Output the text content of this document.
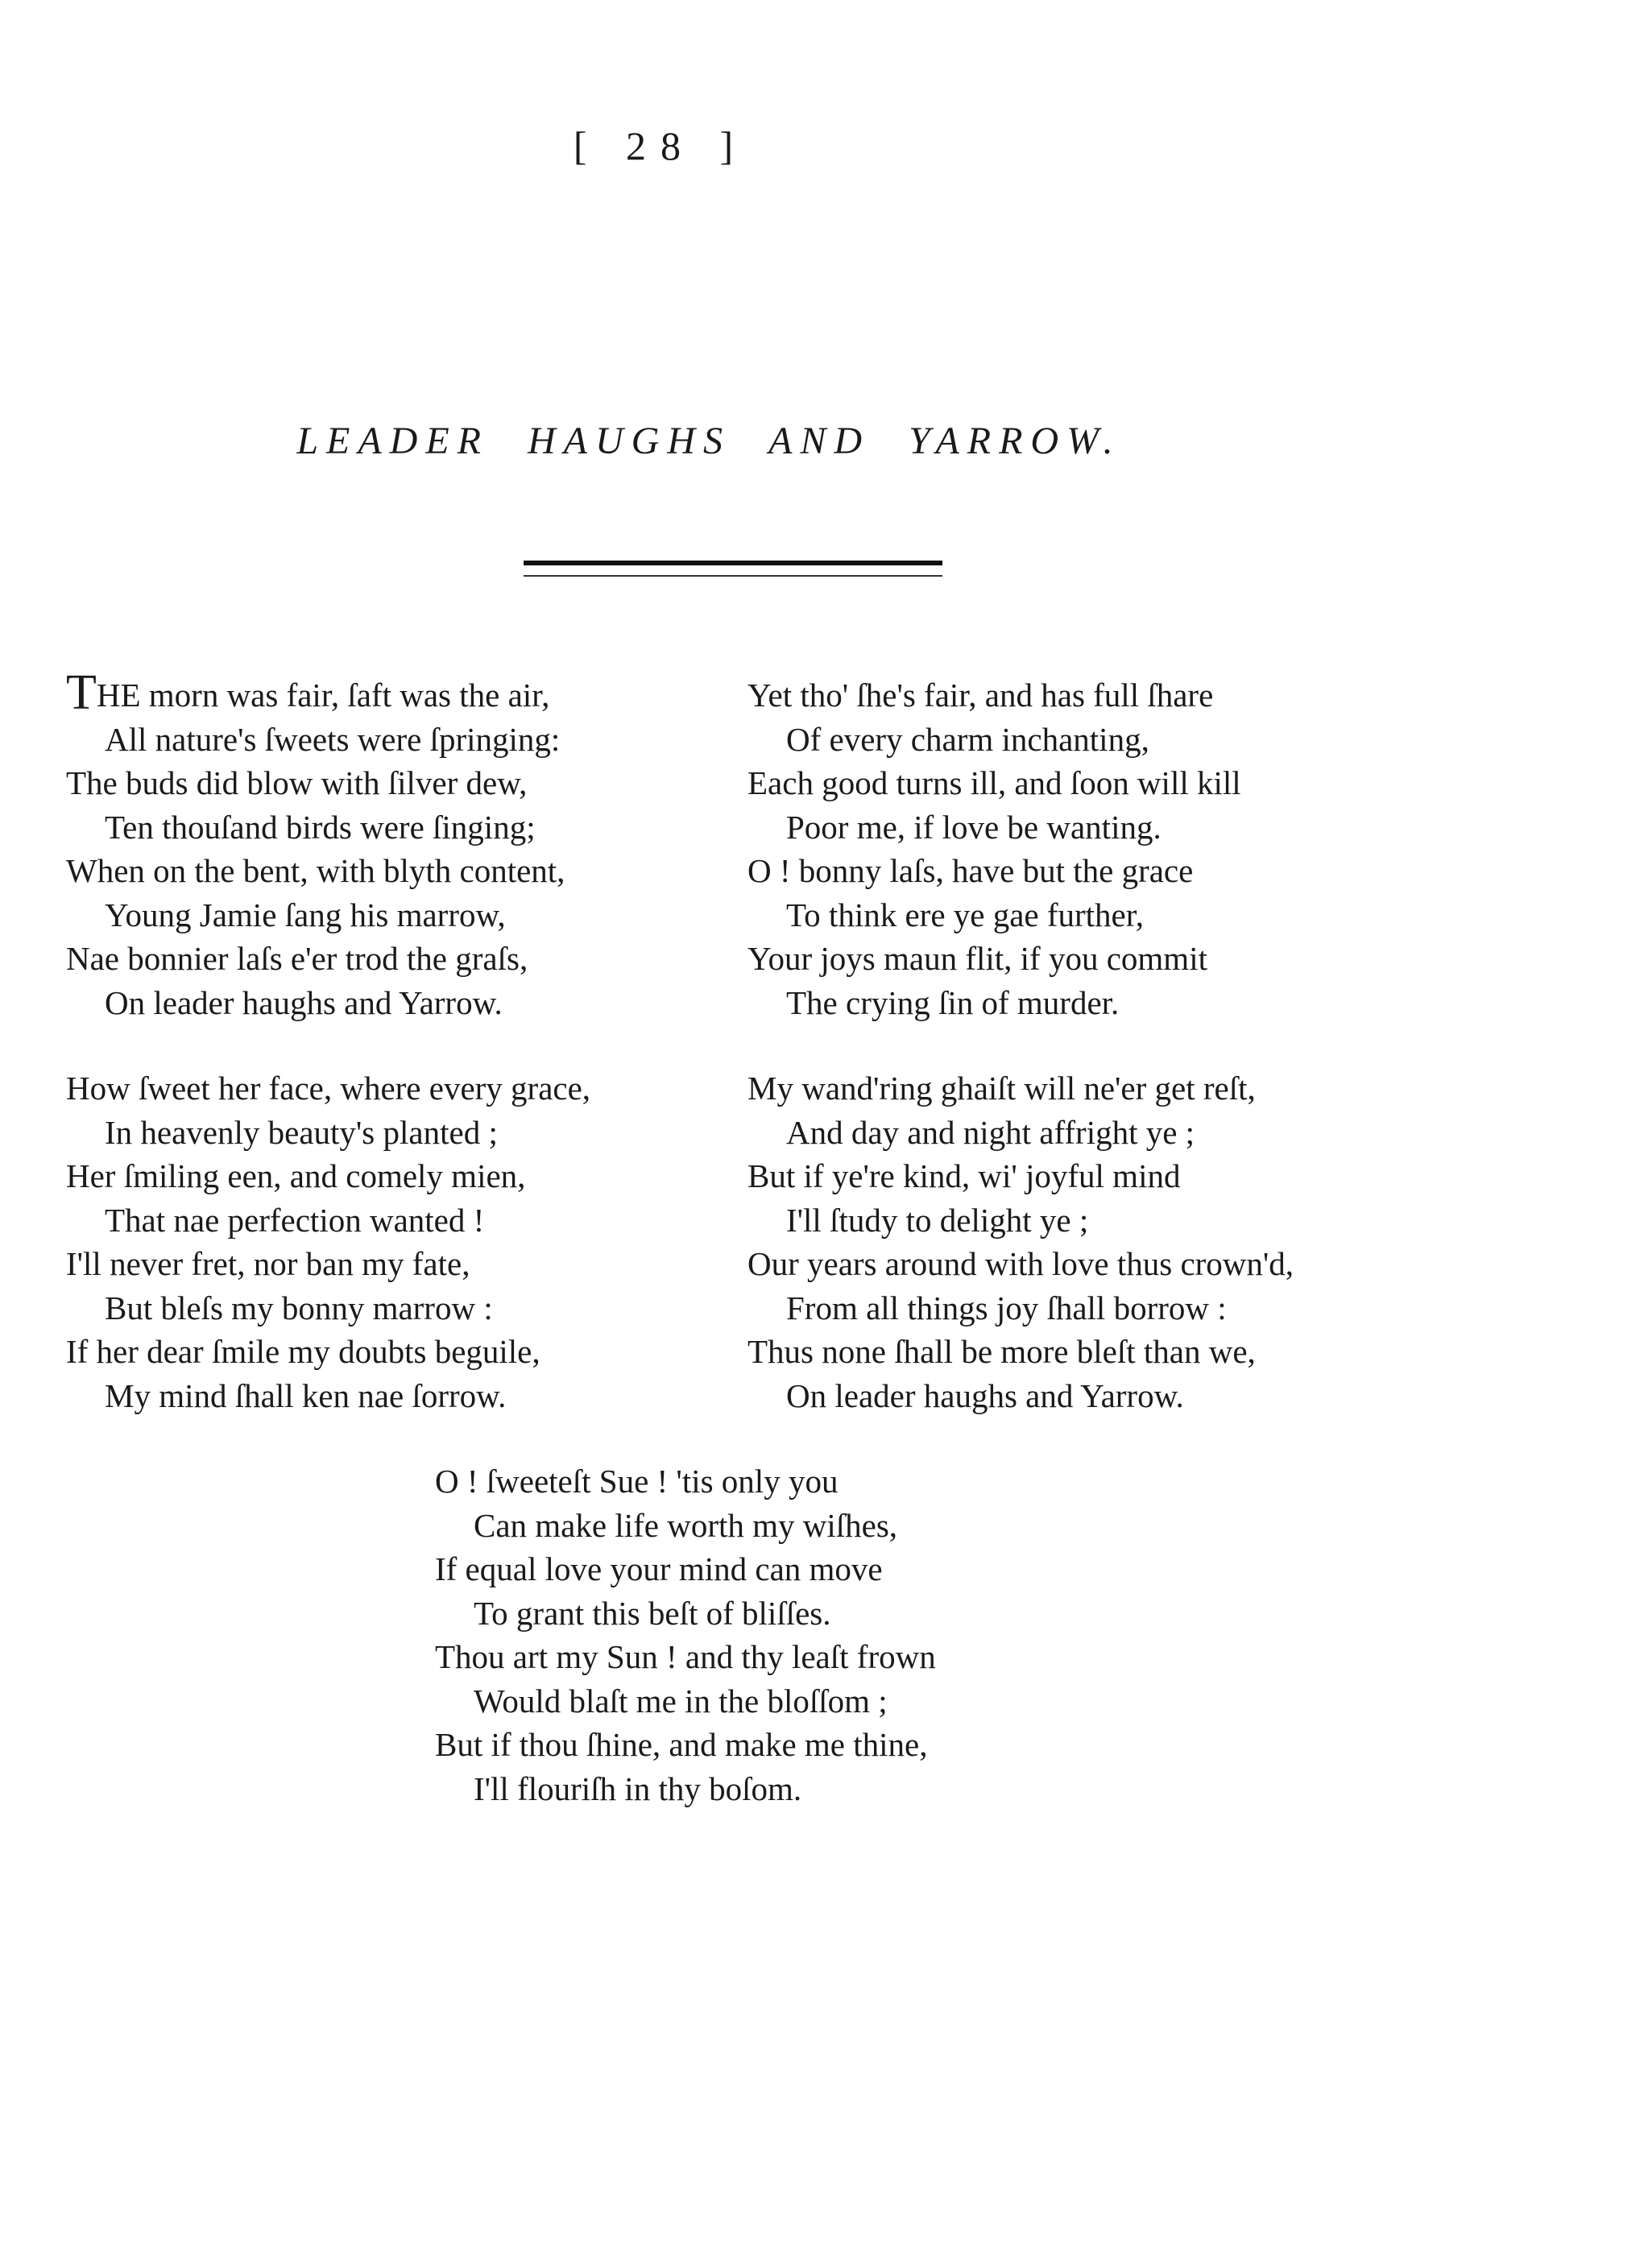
[ 28 ]
LEADER HAUGHS AND YARROW.
THE morn was fair, ſaft was the air,
All nature's ſweets were ſpringing:
The buds did blow with ſilver dew,
Ten thouſand birds were ſinging;
When on the bent, with blyth content,
Young Jamie ſang his marrow,
Nae bonnier laſs e'er trod the graſs,
On leader haughs and Yarrow.
How ſweet her face, where every grace,
In heavenly beauty's planted ;
Her ſmiling een, and comely mien,
That nae perfection wanted !
I'll never fret, nor ban my fate,
But bleſs my bonny marrow :
If her dear ſmile my doubts beguile,
My mind ſhall ken nae ſorrow.
Yet tho' ſhe's fair, and has full ſhare
Of every charm inchanting,
Each good turns ill, and ſoon will kill
Poor me, if love be wanting.
O ! bonny laſs, have but the grace
To think ere ye gae further,
Your joys maun flit, if you commit
The crying ſin of murder.
My wand'ring ghaiſt will ne'er get reſt,
And day and night affright ye ;
But if ye're kind, wi' joyful mind
I'll ſtudy to delight ye ;
Our years around with love thus crown'd,
From all things joy ſhall borrow :
Thus none ſhall be more bleſt than we,
On leader haughs and Yarrow.
O ! ſweeteſt Sue ! 'tis only you
Can make life worth my wiſhes,
If equal love your mind can move
To grant this beſt of bliſſes.
Thou art my Sun ! and thy leaſt frown
Would blaſt me in the bloſſom ;
But if thou ſhine, and make me thine,
I'll flouriſh in thy boſom.
